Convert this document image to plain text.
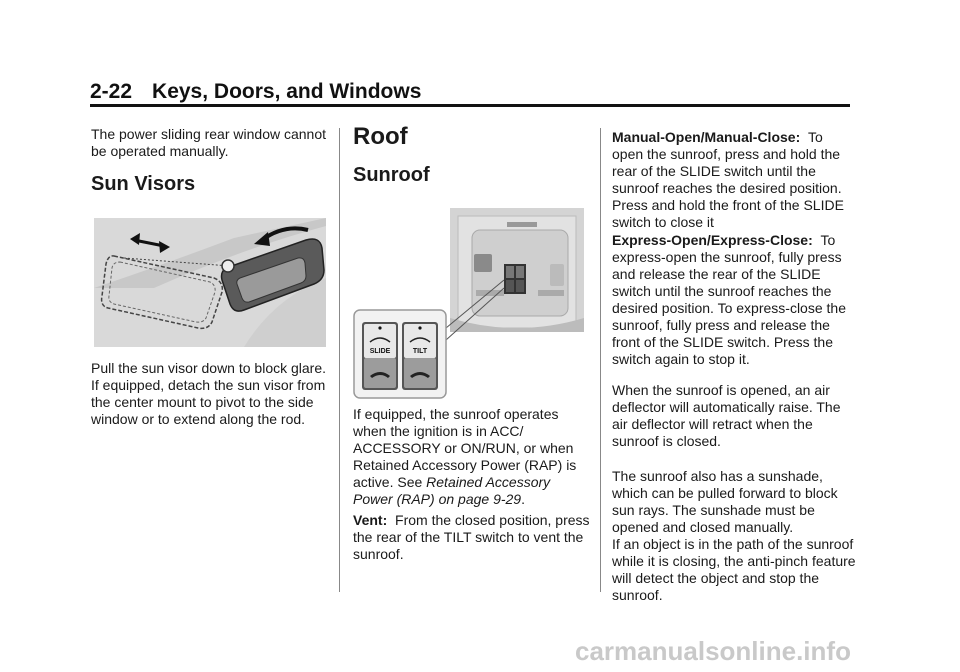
2-22 Keys, Doors, and Windows

The power sliding rear window cannot be operated manually.

Sun Visors

Pull the sun visor down to block glare. If equipped, detach the sun visor from the center mount to pivot to the side window or to extend along the rod.

Roof
Sunroof

If equipped, the sunroof operates when the ignition is in ACC/ ACCESSORY or ON/RUN, or when Retained Accessory Power (RAP) is active. See Retained Accessory Power (RAP) on page 9-29.

Vent: From the closed position, press the rear of the TILT switch to vent the sunroof.

SLIDE	TILT

Manual-Open/Manual-Close: To open the sunroof, press and hold the rear of the SLIDE switch until the sunroof reaches the desired position. Press and hold the front of the SLIDE switch to close it

Express-Open/Express-Close: To express-open the sunroof, fully press and release the rear of the SLIDE switch until the sunroof reaches the desired position. To express-close the sunroof, fully press and release the front of the SLIDE switch. Press the switch again to stop it.

When the sunroof is opened, an air deflector will automatically raise. The air deflector will retract when the sunroof is closed.

The sunroof also has a sunshade, which can be pulled forward to block sun rays. The sunshade must be opened and closed manually.

If an object is in the path of the sunroof while it is closing, the anti-pinch feature will detect the object and stop the sunroof.

carmanualsonline.info
